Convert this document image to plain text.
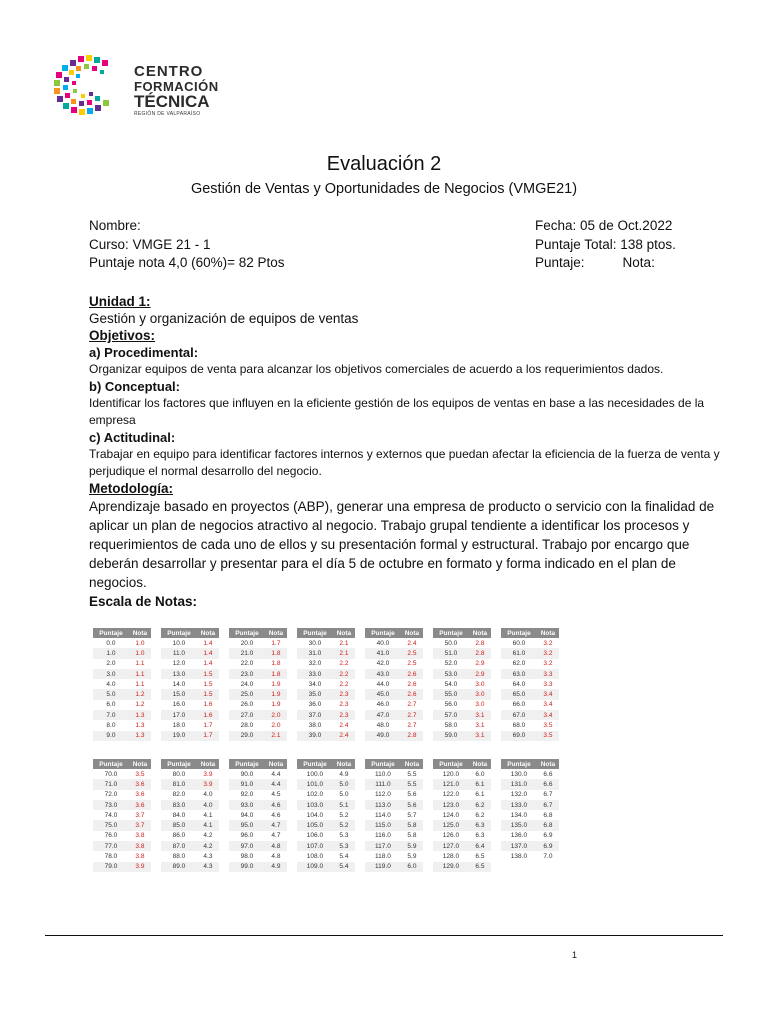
CENTRO
FORMACIÓN
TÉCNICA
REGIÓN DE VALPARAÍSO
Evaluación 2
Gestión de Ventas y Oportunidades de Negocios (VMGE21)
Nombre:
Curso: VMGE 21 - 1
Puntaje nota 4,0 (60%)= 82 Ptos
Fecha: 05 de Oct.2022
Puntaje Total: 138 ptos.
Puntaje:	Nota:
Unidad 1:
Gestión y organización de equipos de ventas
Objetivos:
a) Procedimental:
Organizar equipos de venta para alcanzar los objetivos comerciales de acuerdo a los requerimientos dados.
b) Conceptual:
Identificar los factores que influyen en la eficiente gestión de los equipos de ventas en base a las necesidades de la empresa
c) Actitudinal:
Trabajar en equipo para identificar factores internos y externos que puedan afectar la eficiencia de la fuerza de venta y perjudique el normal desarrollo del negocio.
Metodología:
Aprendizaje basado en proyectos (ABP), generar una empresa de producto o servicio con la finalidad de aplicar un plan de negocios atractivo al negocio. Trabajo grupal tendiente a identificar los procesos y requerimientos de cada uno de ellos y su presentación formal y estructural. Trabajo por encargo que deberán desarrollar y presentar para el día 5 de octubre en formato y forma indicado en el plan de negocios.
Escala de Notas:
Puntaje	Nota
0.0	1.0
1.0	1.0
2.0	1.1
3.0	1.1
4.0	1.1
5.0	1.2
6.0	1.2
7.0	1.3
8.0	1.3
9.0	1.3
Puntaje	Nota
10.0	1.4
11.0	1.4
12.0	1.4
13.0	1.5
14.0	1.5
15.0	1.5
16.0	1.6
17.0	1.6
18.0	1.7
19.0	1.7
Puntaje	Nota
20.0	1.7
21.0	1.8
22.0	1.8
23.0	1.8
24.0	1.9
25.0	1.9
26.0	1.9
27.0	2.0
28.0	2.0
29.0	2.1
Puntaje	Nota
30.0	2.1
31.0	2.1
32.0	2.2
33.0	2.2
34.0	2.2
35.0	2.3
36.0	2.3
37.0	2.3
38.0	2.4
39.0	2.4
Puntaje	Nota
40.0	2.4
41.0	2.5
42.0	2.5
43.0	2.6
44.0	2.6
45.0	2.6
46.0	2.7
47.0	2.7
48.0	2.7
49.0	2.8
Puntaje	Nota
50.0	2.8
51.0	2.8
52.0	2.9
53.0	2.9
54.0	3.0
55.0	3.0
56.0	3.0
57.0	3.1
58.0	3.1
59.0	3.1
Puntaje	Nota
60.0	3.2
61.0	3.2
62.0	3.2
63.0	3.3
64.0	3.3
65.0	3.4
66.0	3.4
67.0	3.4
68.0	3.5
69.0	3.5
Puntaje	Nota
70.0	3.5
71.0	3.6
72.0	3.6
73.0	3.6
74.0	3.7
75.0	3.7
76.0	3.8
77.0	3.8
78.0	3.8
79.0	3.9
Puntaje	Nota
80.0	3.9
81.0	3.9
82.0	4.0
83.0	4.0
84.0	4.1
85.0	4.1
86.0	4.2
87.0	4.2
88.0	4.3
89.0	4.3
Puntaje	Nota
90.0	4.4
91.0	4.4
92.0	4.5
93.0	4.6
94.0	4.6
95.0	4.7
96.0	4.7
97.0	4.8
98.0	4.8
99.0	4.9
Puntaje	Nota
100.0	4.9
101.0	5.0
102.0	5.0
103.0	5.1
104.0	5.2
105.0	5.2
106.0	5.3
107.0	5.3
108.0	5.4
109.0	5.4
Puntaje	Nota
110.0	5.5
111.0	5.5
112.0	5.6
113.0	5.6
114.0	5.7
115.0	5.8
116.0	5.8
117.0	5.9
118.0	5.9
119.0	6.0
Puntaje	Nota
120.0	6.0
121.0	6.1
122.0	6.1
123.0	6.2
124.0	6.2
125.0	6.3
126.0	6.3
127.0	6.4
128.0	6.5
129.0	6.5
Puntaje	Nota
130.0	6.6
131.0	6.6
132.0	6.7
133.0	6.7
134.0	6.8
135.0	6.8
136.0	6.9
137.0	6.9
138.0	7.0
1
